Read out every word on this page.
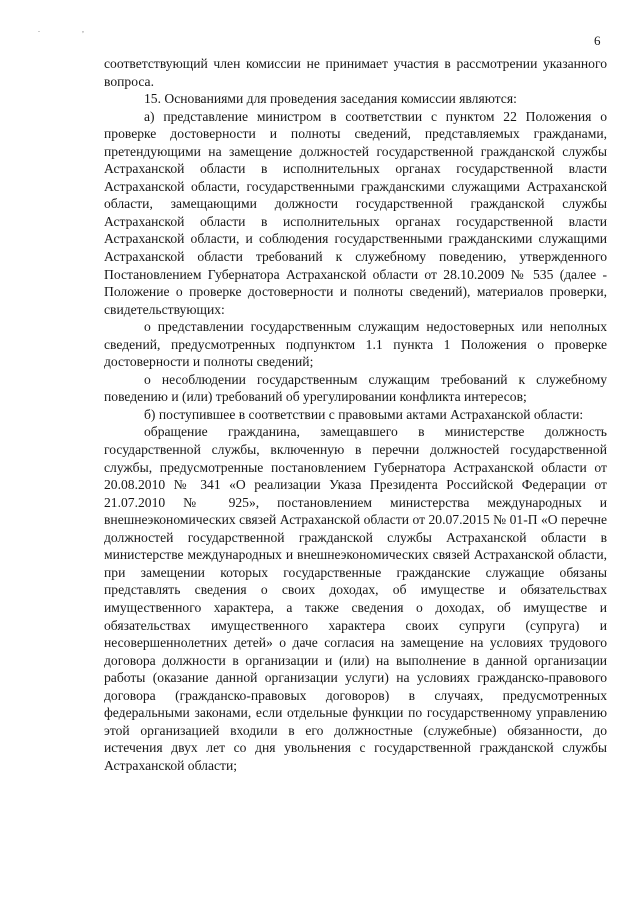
. ,
6

соответствующий член комиссии не принимает участия в рассмотрении указанного вопроса.

15. Основаниями для проведения заседания комиссии являются:

а) представление министром в соответствии с пунктом 22 Положения о проверке достоверности и полноты сведений, представляемых гражданами, претендующими на замещение должностей государственной гражданской службы Астраханской области в исполнительных органах государственной власти Астраханской области, государственными гражданскими служащими Астраханской области, замещающими должности государственной гражданской службы Астраханской области в исполнительных органах государственной власти Астраханской области, и соблюдения государственными гражданскими служащими Астраханской области требований к служебному поведению, утвержденного Постановлением Губернатора Астраханской области от 28.10.2009 № 535 (далее - Положение о проверке достоверности и полноты сведений), материалов проверки, свидетельствующих:

о представлении государственным служащим недостоверных или неполных сведений, предусмотренных подпунктом 1.1 пункта 1 Положения о проверке достоверности и полноты сведений;

о несоблюдении государственным служащим требований к служебному поведению и (или) требований об урегулировании конфликта интересов;

б) поступившее в соответствии с правовыми актами Астраханской области:

обращение гражданина, замещавшего в министерстве должность государственной службы, включенную в перечни должностей государственной службы, предусмотренные постановлением Губернатора Астраханской области от 20.08.2010 № 341 «О реализации Указа Президента Российской Федерации от 21.07.2010 № 925», постановлением министерства международных и внешнеэкономических связей Астраханской области от 20.07.2015 № 01-П «О перечне должностей государственной гражданской службы Астраханской области в министерстве международных и внешнеэкономических связей Астраханской области, при замещении которых государственные гражданские служащие обязаны представлять сведения о своих доходах, об имуществе и обязательствах имущественного характера, а также сведения о доходах, об имуществе и обязательствах имущественного характера своих супруги (супруга) и несовершеннолетних детей» о даче согласия на замещение на условиях трудового договора должности в организации и (или) на выполнение в данной организации работы (оказание данной организации услуги) на условиях гражданско-правового договора (гражданско-правовых договоров) в случаях, предусмотренных федеральными законами, если отдельные функции по государственному управлению этой организацией входили в его должностные (служебные) обязанности, до истечения двух лет со дня увольнения с государственной гражданской службы Астраханской области;
